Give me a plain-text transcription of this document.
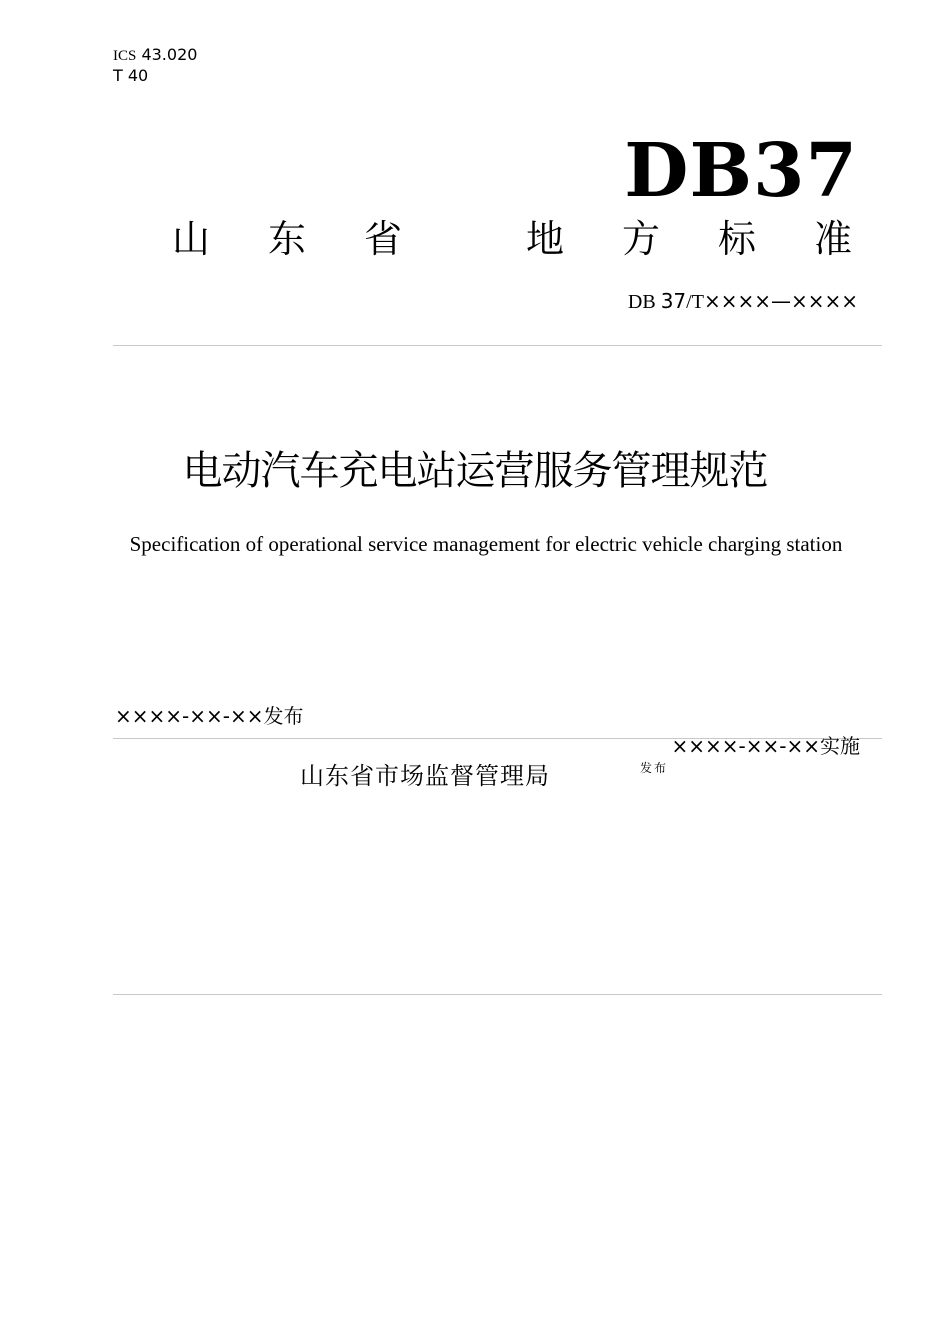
ICS 43.020
T 40
DB37
山	东	省	地	方	标	准
DB 37/T××××—××××
电动汽车充电站运营服务管理规范
Specification of operational service management for electric vehicle charging station
××××-××-××发布
××××-××-××实施
山东省市场监督管理局	发布
